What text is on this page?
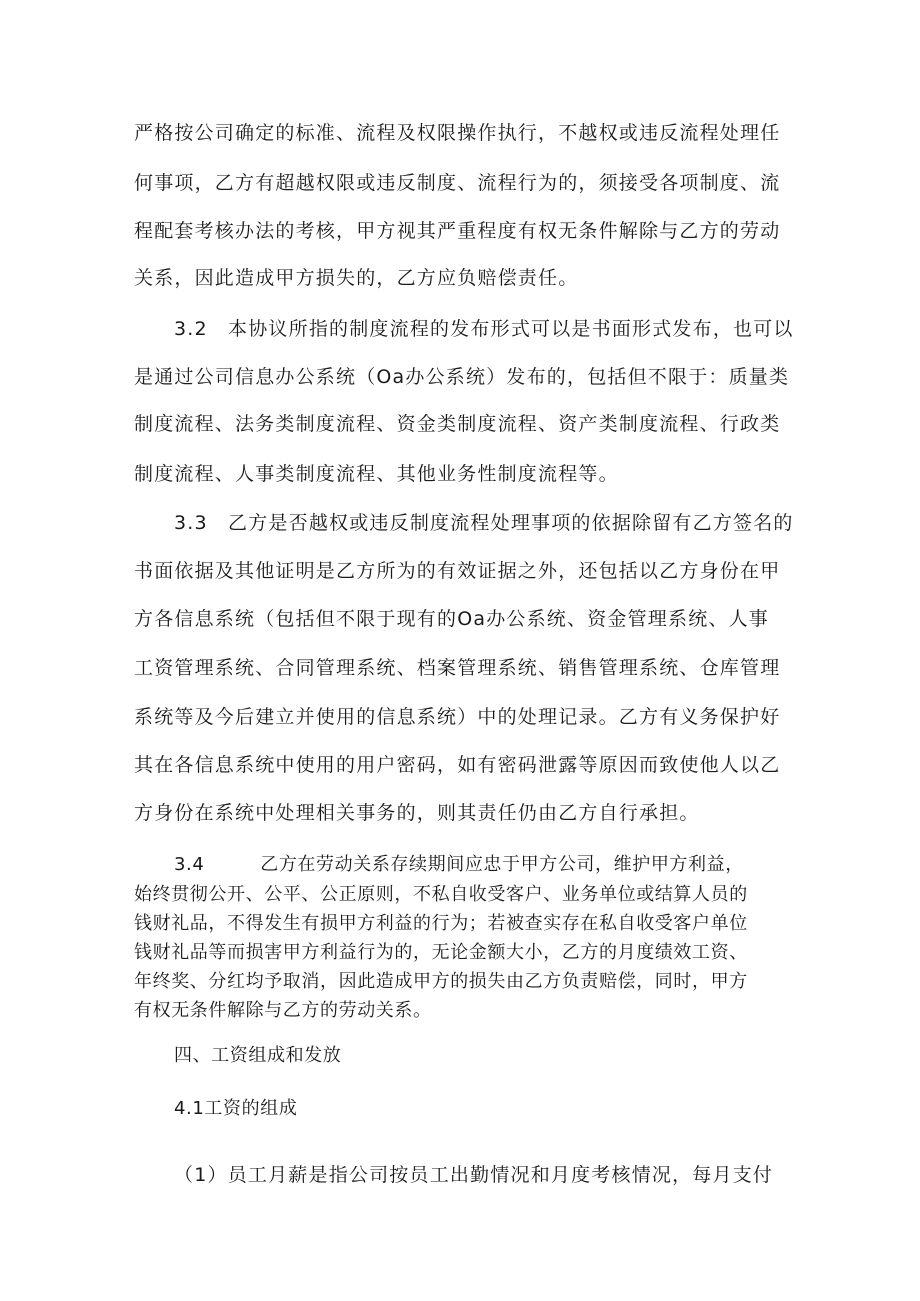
严格按公司确定的标准、流程及权限操作执行，不越权或违反流程处理任
何事项，乙方有超越权限或违反制度、流程行为的，须接受各项制度、流
程配套考核办法的考核，甲方视其严重程度有权无条件解除与乙方的劳动
关系，因此造成甲方损失的，乙方应负赔偿责任。
3.2　本协议所指的制度流程的发布形式可以是书面形式发布，也可以
是通过公司信息办公系统（Oa办公系统）发布的，包括但不限于：质量类
制度流程、法务类制度流程、资金类制度流程、资产类制度流程、行政类
制度流程、人事类制度流程、其他业务性制度流程等。
3.3　乙方是否越权或违反制度流程处理事项的依据除留有乙方签名的
书面依据及其他证明是乙方所为的有效证据之外，还包括以乙方身份在甲
方各信息系统（包括但不限于现有的Oa办公系统、资金管理系统、人事
工资管理系统、合同管理系统、档案管理系统、销售管理系统、仓库管理
系统等及今后建立并使用的信息系统）中的处理记录。乙方有义务保护好
其在各信息系统中使用的用户密码，如有密码泄露等原因而致使他人以乙
方身份在系统中处理相关事务的，则其责任仍由乙方自行承担。
3.4　　　乙方在劳动关系存续期间应忠于甲方公司，维护甲方利益，
始终贯彻公开、公平、公正原则，不私自收受客户、业务单位或结算人员的
钱财礼品，不得发生有损甲方利益的行为；若被查实存在私自收受客户单位
钱财礼品等而损害甲方利益行为的，无论金额大小，乙方的月度绩效工资、
年终奖、分红均予取消，因此造成甲方的损失由乙方负责赔偿，同时，甲方
有权无条件解除与乙方的劳动关系。
四、工资组成和发放
4.1工资的组成
（1）员工月薪是指公司按员工出勤情况和月度考核情况，每月支付
